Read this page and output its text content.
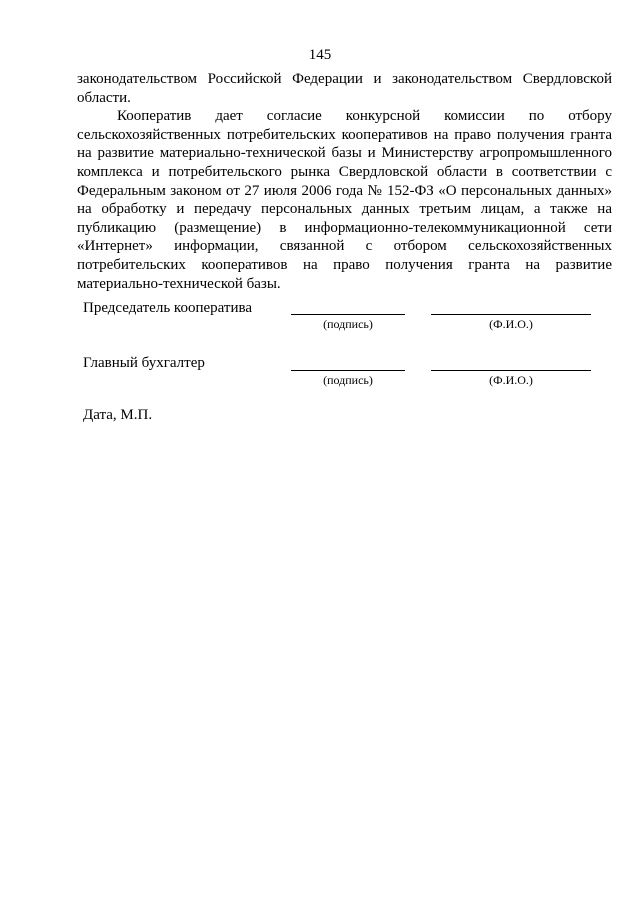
145

законодательством Российской Федерации и законодательством Свердловской области.

Кооператив дает согласие конкурсной комиссии по отбору сельскохозяйственных потребительских кооперативов на право получения гранта на развитие материально-технической базы и Министерству агропромышленного комплекса и потребительского рынка Свердловской области в соответствии с Федеральным законом от 27 июля 2006 года № 152-ФЗ «О персональных данных» на обработку и передачу персональных данных третьим лицам, а также на публикацию (размещение) в информационно-телекоммуникационной сети «Интернет» информации, связанной с отбором сельскохозяйственных потребительских кооперативов на право получения гранта на развитие материально-технической базы.

Председатель кооператива
(подпись)	(Ф.И.О.)
Главный бухгалтер
(подпись)	(Ф.И.О.)
Дата, М.П.
